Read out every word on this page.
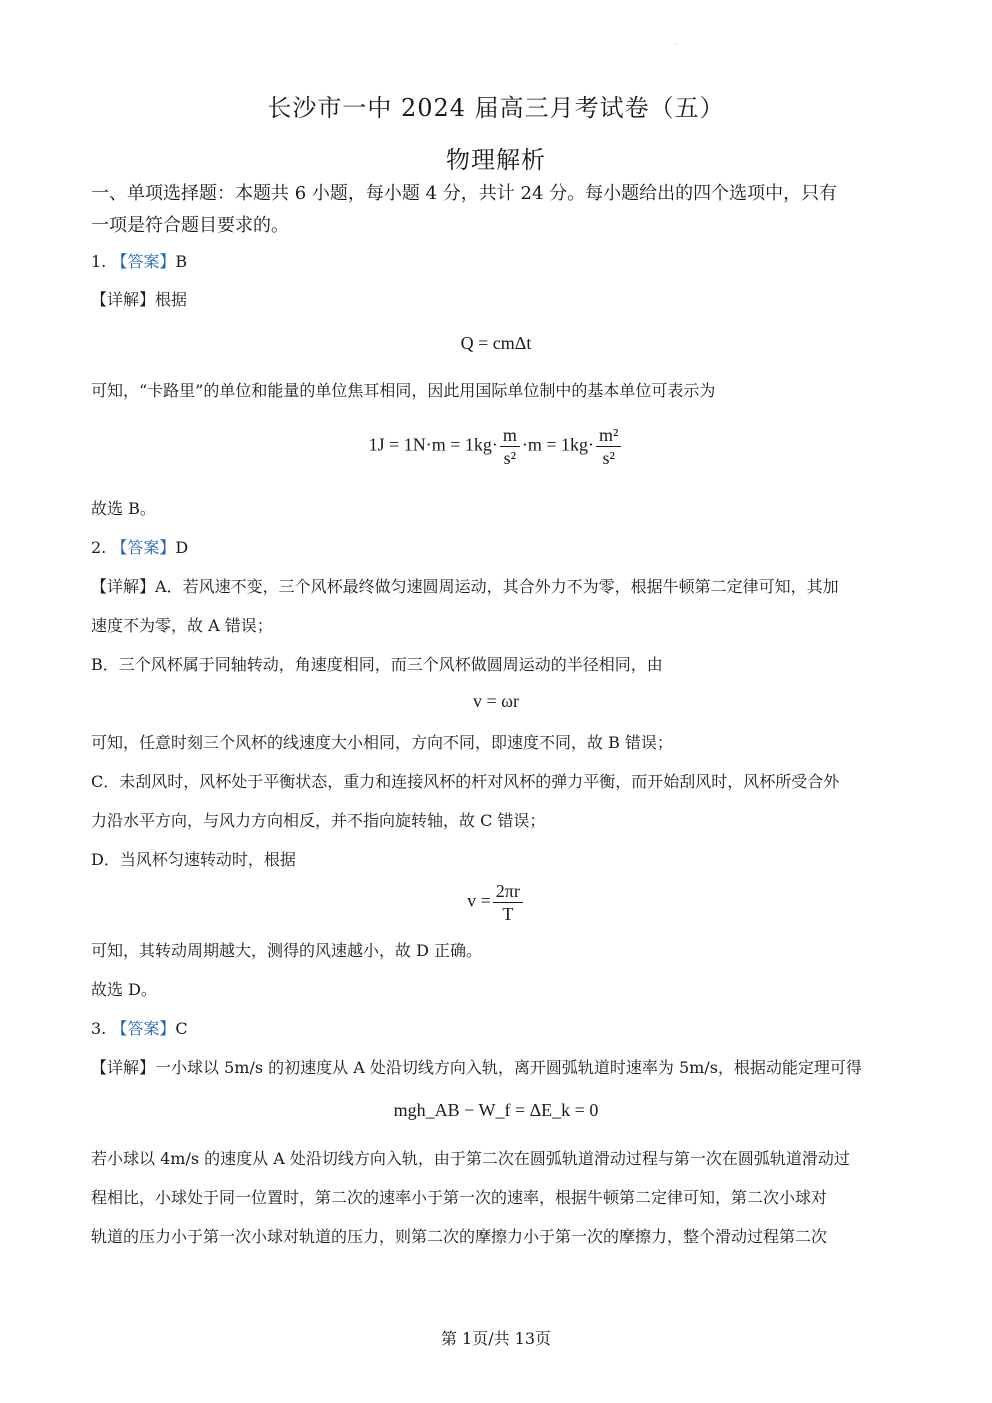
.
长沙市一中 2024 届高三月考试卷（五）
物理解析
一、单项选择题：本题共 6 小题，每小题 4 分，共计 24 分。每小题给出的四个选项中，只有
一项是符合题目要求的。
1. 【答案】B
【详解】根据
Q = cmΔt
可知，“卡路里”的单位和能量的单位焦耳相同，因此用国际单位制中的基本单位可表示为
$1J = 1N\cdot m = 1kg\cdot \frac{m}{\text{s²}} \cdot m = 1kg\cdot \frac{\text{m²}}{\text{s²}}$
故选 B。
2. 【答案】D
【详解】A．若风速不变，三个风杯最终做匀速圆周运动，其合外力不为零，根据牛顿第二定律可知，其加
速度不为零，故 A 错误；
B．三个风杯属于同轴转动，角速度相同，而三个风杯做圆周运动的半径相同，由
v = ωr
可知，任意时刻三个风杯的线速度大小相同，方向不同，即速度不同，故 B 错误；
C．未刮风时，风杯处于平衡状态，重力和连接风杯的杆对风杯的弹力平衡，而开始刮风时，风杯所受合外
力沿水平方向，与风力方向相反，并不指向旋转轴，故 C 错误；
D．当风杯匀速转动时，根据
$v = \frac{2\pi r}{T}$
可知，其转动周期越大，测得的风速越小，故 D 正确。
故选 D。
3. 【答案】C
【详解】一小球以 5m/s 的初速度从 A 处沿切线方向入轨，离开圆弧轨道时速率为 5m/s，根据动能定理可得
mgh_AB − W_f = ΔE_k = 0
若小球以 4m/s 的速度从 A 处沿切线方向入轨，由于第二次在圆弧轨道滑动过程与第一次在圆弧轨道滑动过
程相比，小球处于同一位置时，第二次的速率小于第一次的速率，根据牛顿第二定律可知，第二次小球对
轨道的压力小于第一次小球对轨道的压力，则第二次的摩擦力小于第一次的摩擦力，整个滑动过程第二次
第 1页/共 13页
